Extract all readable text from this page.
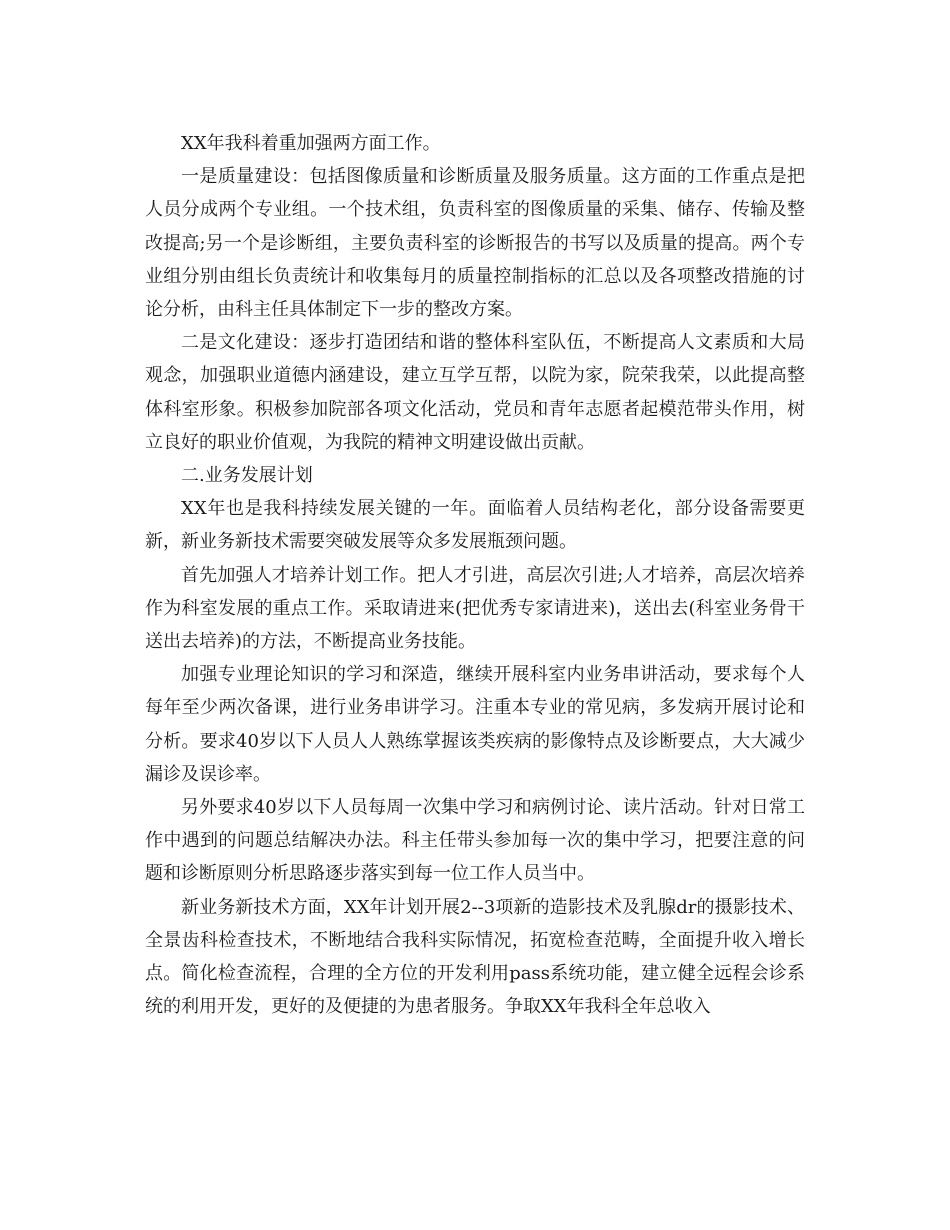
XX年我科着重加强两方面工作。

一是质量建设：包括图像质量和诊断质量及服务质量。这方面的工作重点是把人员分成两个专业组。一个技术组，负责科室的图像质量的采集、储存、传输及整改提高;另一个是诊断组，主要负责科室的诊断报告的书写以及质量的提高。两个专业组分别由组长负责统计和收集每月的质量控制指标的汇总以及各项整改措施的讨论分析，由科主任具体制定下一步的整改方案。

二是文化建设：逐步打造团结和谐的整体科室队伍，不断提高人文素质和大局观念，加强职业道德内涵建设，建立互学互帮，以院为家，院荣我荣，以此提高整体科室形象。积极参加院部各项文化活动，党员和青年志愿者起模范带头作用，树立良好的职业价值观，为我院的精神文明建设做出贡献。

二.业务发展计划

XX年也是我科持续发展关键的一年。面临着人员结构老化，部分设备需要更新，新业务新技术需要突破发展等众多发展瓶颈问题。

首先加强人才培养计划工作。把人才引进，高层次引进;人才培养，高层次培养作为科室发展的重点工作。采取请进来(把优秀专家请进来)，送出去(科室业务骨干送出去培养)的方法，不断提高业务技能。

加强专业理论知识的学习和深造，继续开展科室内业务串讲活动，要求每个人每年至少两次备课，进行业务串讲学习。注重本专业的常见病，多发病开展讨论和分析。要求40岁以下人员人人熟练掌握该类疾病的影像特点及诊断要点，大大减少漏诊及误诊率。

另外要求40岁以下人员每周一次集中学习和病例讨论、读片活动。针对日常工作中遇到的问题总结解决办法。科主任带头参加每一次的集中学习，把要注意的问题和诊断原则分析思路逐步落实到每一位工作人员当中。

新业务新技术方面，XX年计划开展2--3项新的造影技术及乳腺dr的摄影技术、全景齿科检查技术，不断地结合我科实际情况，拓宽检查范畴，全面提升收入增长点。简化检查流程，合理的全方位的开发利用pass系统功能，建立健全远程会诊系统的利用开发，更好的及便捷的为患者服务。争取XX年我科全年总收入
